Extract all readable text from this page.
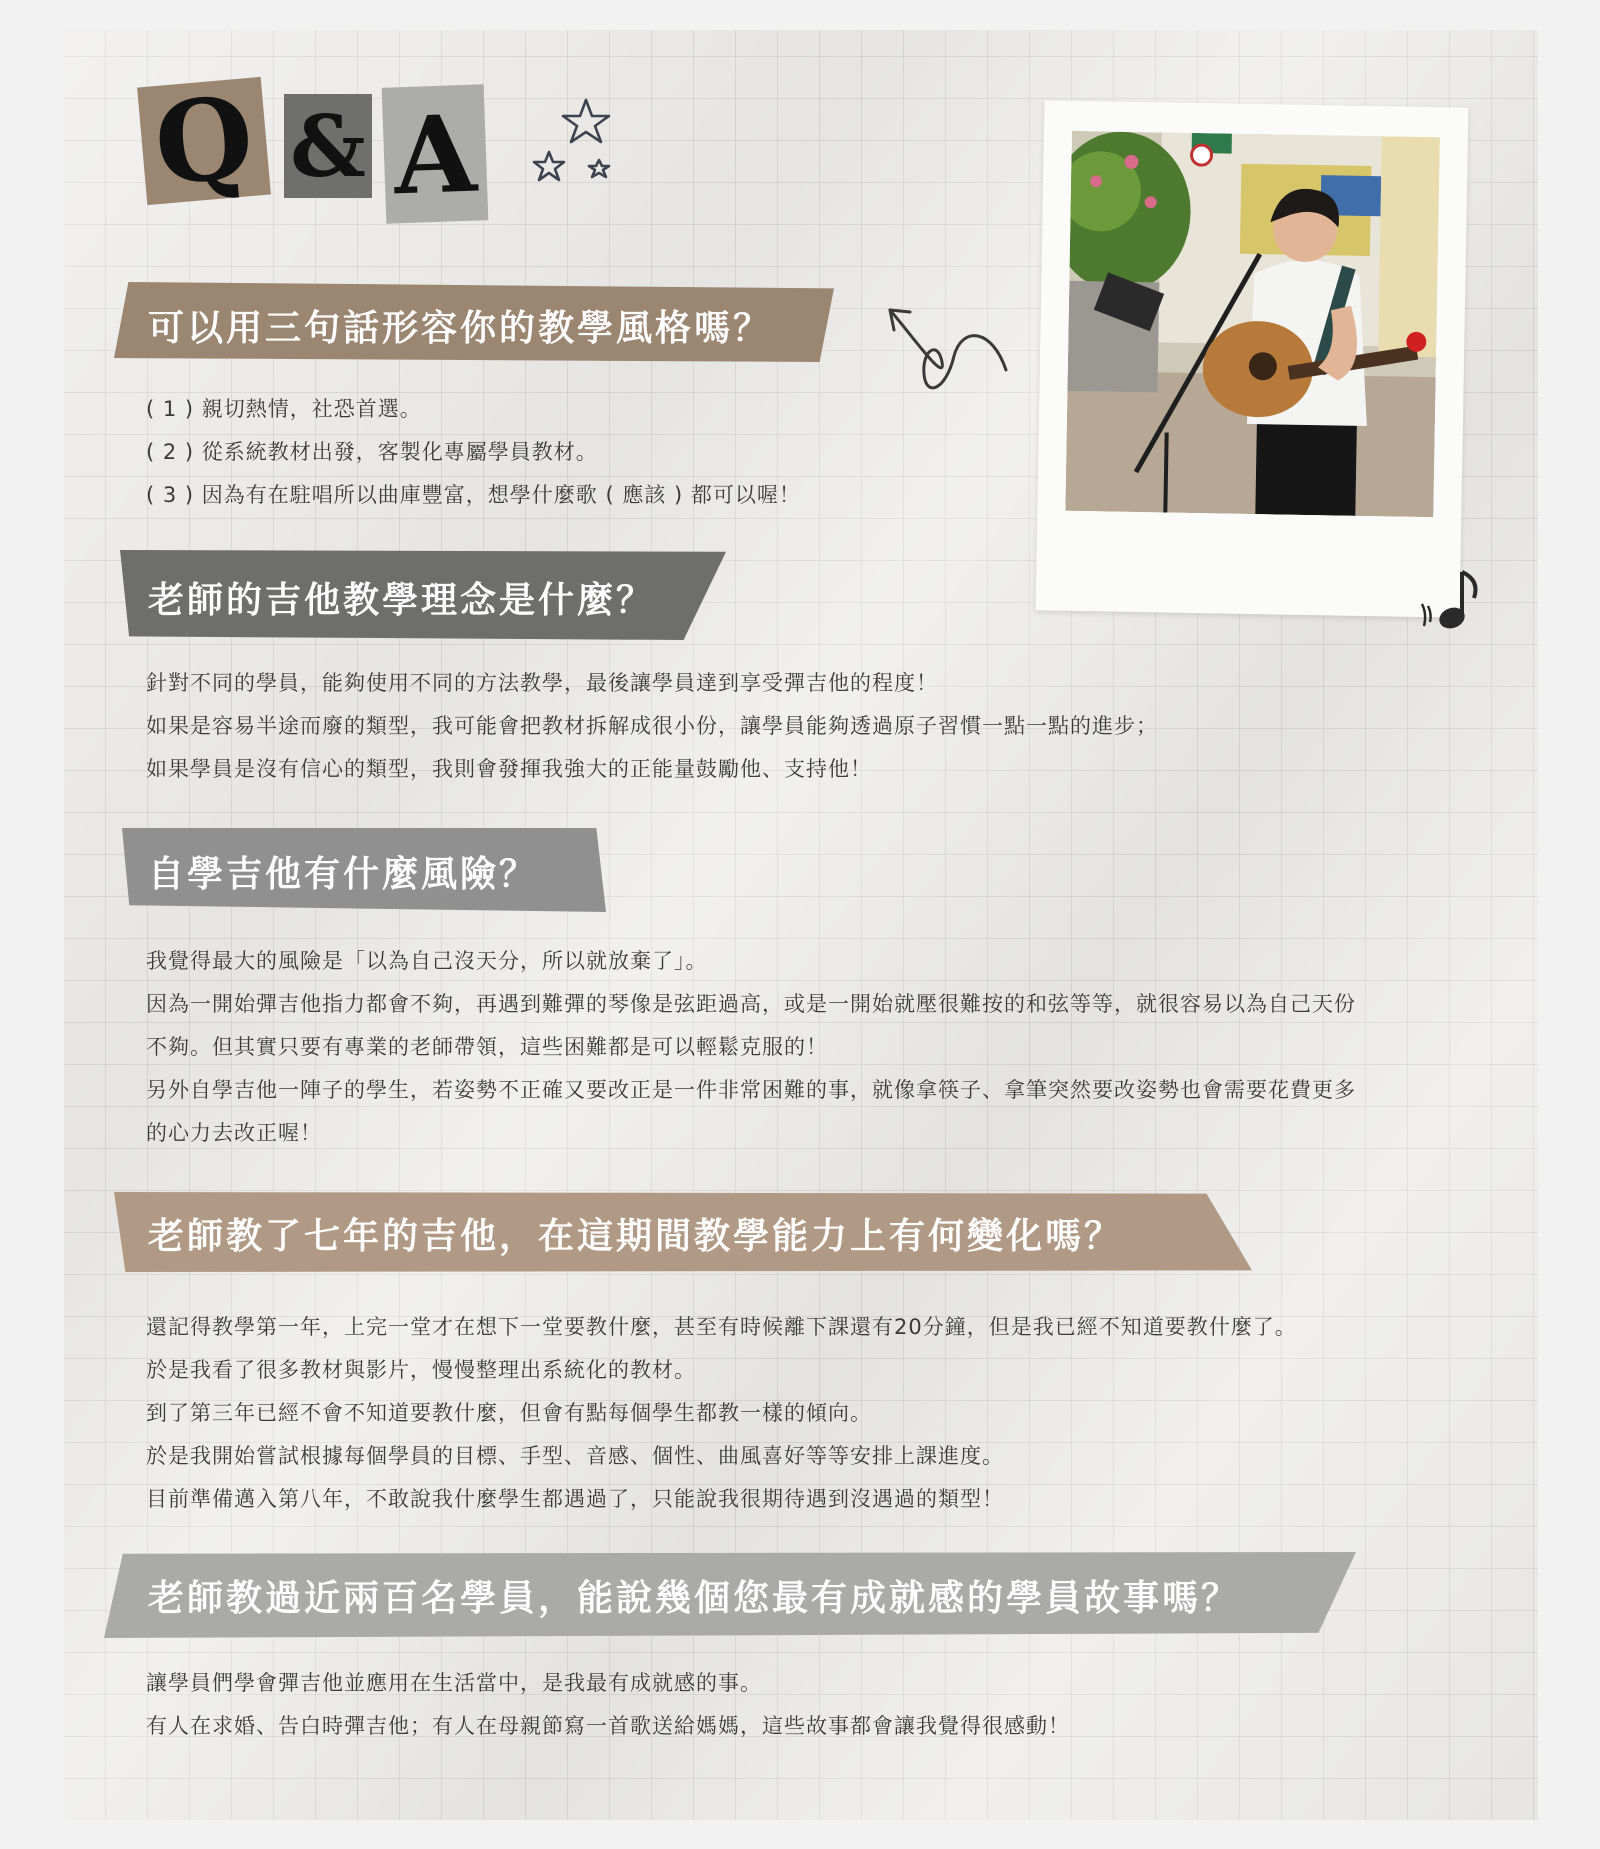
Q & A
可以用三句話形容你的教學風格嗎？
( 1 ) 親切熱情，社恐首選。
( 2 ) 從系統教材出發，客製化專屬學員教材。
( 3 ) 因為有在駐唱所以曲庫豐富，想學什麼歌 ( 應該 ) 都可以喔！
老師的吉他教學理念是什麼？
針對不同的學員，能夠使用不同的方法教學，最後讓學員達到享受彈吉他的程度！
如果是容易半途而廢的類型，我可能會把教材拆解成很小份，讓學員能夠透過原子習慣一點一點的進步；
如果學員是沒有信心的類型，我則會發揮我強大的正能量鼓勵他、支持他！
自學吉他有什麼風險？
我覺得最大的風險是「以為自己沒天分，所以就放棄了」。
因為一開始彈吉他指力都會不夠，再遇到難彈的琴像是弦距過高，或是一開始就壓很難按的和弦等等，就很容易以為自己天份
不夠。但其實只要有專業的老師帶領，這些困難都是可以輕鬆克服的！
另外自學吉他一陣子的學生，若姿勢不正確又要改正是一件非常困難的事，就像拿筷子、拿筆突然要改姿勢也會需要花費更多
的心力去改正喔！
老師教了七年的吉他，在這期間教學能力上有何變化嗎？
還記得教學第一年，上完一堂才在想下一堂要教什麼，甚至有時候離下課還有20分鐘，但是我已經不知道要教什麼了。
於是我看了很多教材與影片，慢慢整理出系統化的教材。
到了第三年已經不會不知道要教什麼，但會有點每個學生都教一樣的傾向。
於是我開始嘗試根據每個學員的目標、手型、音感、個性、曲風喜好等等安排上課進度。
目前準備邁入第八年，不敢說我什麼學生都遇過了，只能說我很期待遇到沒遇過的類型！
老師教過近兩百名學員，能說幾個您最有成就感的學員故事嗎？
讓學員們學會彈吉他並應用在生活當中，是我最有成就感的事。
有人在求婚、告白時彈吉他；有人在母親節寫一首歌送給媽媽，這些故事都會讓我覺得很感動！
